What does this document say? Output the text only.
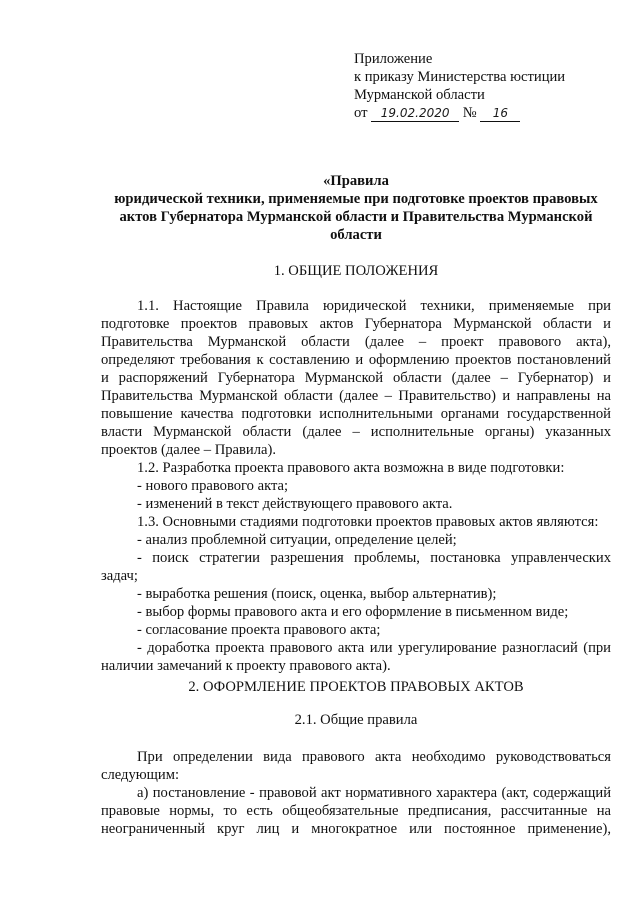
Приложение
к приказу Министерства юстиции
Мурманской области
от 19.02.2020 № 16
«Правила
юридической техники, применяемые при подготовке проектов правовых
актов Губернатора Мурманской области и Правительства Мурманской
области
1. ОБЩИЕ ПОЛОЖЕНИЯ
1.1. Настоящие Правила юридической техники, применяемые при
подготовке проектов правовых актов Губернатора Мурманской области и
Правительства Мурманской области (далее – проект правового акта),
определяют требования к составлению и оформлению проектов постановлений
и распоряжений Губернатора Мурманской области (далее – Губернатор) и
Правительства Мурманской области (далее – Правительство) и направлены на
повышение качества подготовки исполнительными органами государственной
власти Мурманской области (далее – исполнительные органы) указанных
проектов (далее – Правила).
1.2. Разработка проекта правового акта возможна в виде подготовки:
- нового правового акта;
- изменений в текст действующего правового акта.
1.3. Основными стадиями подготовки проектов правовых актов являются:
- анализ проблемной ситуации, определение целей;
- поиск стратегии разрешения проблемы, постановка управленческих
задач;
- выработка решения (поиск, оценка, выбор альтернатив);
- выбор формы правового акта и его оформление в письменном виде;
- согласование проекта правового акта;
- доработка проекта правового акта или урегулирование разногласий (при
наличии замечаний к проекту правового акта).
2. ОФОРМЛЕНИЕ ПРОЕКТОВ ПРАВОВЫХ АКТОВ
2.1. Общие правила
При определении вида правового акта необходимо руководствоваться
следующим:
а) постановление - правовой акт нормативного характера (акт, содержащий
правовые нормы, то есть общеобязательные предписания, рассчитанные на
неограниченный круг лиц и многократное или постоянное применение),
